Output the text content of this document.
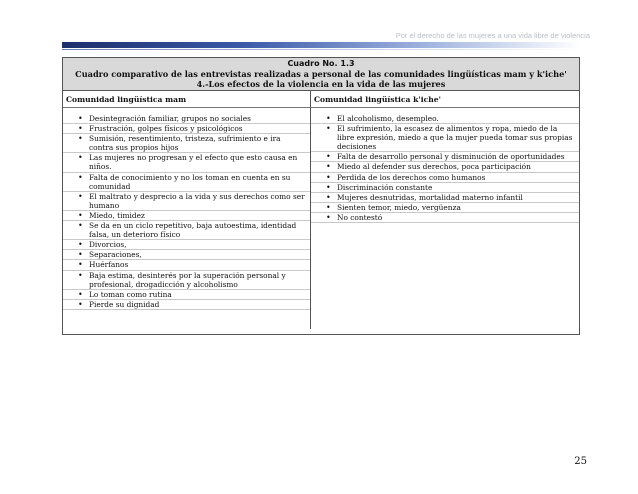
Por el derecho de las mujeres a una vida libre de violencia
Cuadro No. 1.3
Cuadro comparativo de las entrevistas realizadas a personal de las comunidades lingüísticas mam y k'iche'
4.-Los efectos de la violencia en la vida de las mujeres
Comunidad lingüística mam
• Desintegración familiar, grupos no sociales
• Frustración, golpes físicos y psicológicos
• Sumisión, resentimiento, tristeza, sufrimiento e ira contra sus propios hijos
• Las mujeres no progresan y el efecto que esto causa en niños.
• Falta de conocimiento y no los toman en cuenta en su comunidad
• El maltrato y desprecio a la vida y sus derechos como ser humano
• Miedo, timidez
• Se da en un ciclo repetitivo, baja autoestima, identidad falsa, un deterioro físico
• Divorcios,
• Separaciones,
• Huérfanos
• Baja estima, desinterés por la superación personal y profesional, drogadicción y alcoholismo
• Lo toman como rutina
• Pierde su dignidad
Comunidad lingüística k'iche'
• El alcoholismo, desempleo.
• El sufrimiento, la escasez de alimentos y ropa, miedo de la libre expresión, miedo a que la mujer pueda tomar sus propias decisiones
• Falta de desarrollo personal y disminución de oportunidades
• Miedo al defender sus derechos, poca participación
• Perdida de los derechos como humanos
• Discriminación constante
• Mujeres desnutridas, mortalidad materno infantil
• Sienten temor, miedo, vergüenza
• No contestó
25
